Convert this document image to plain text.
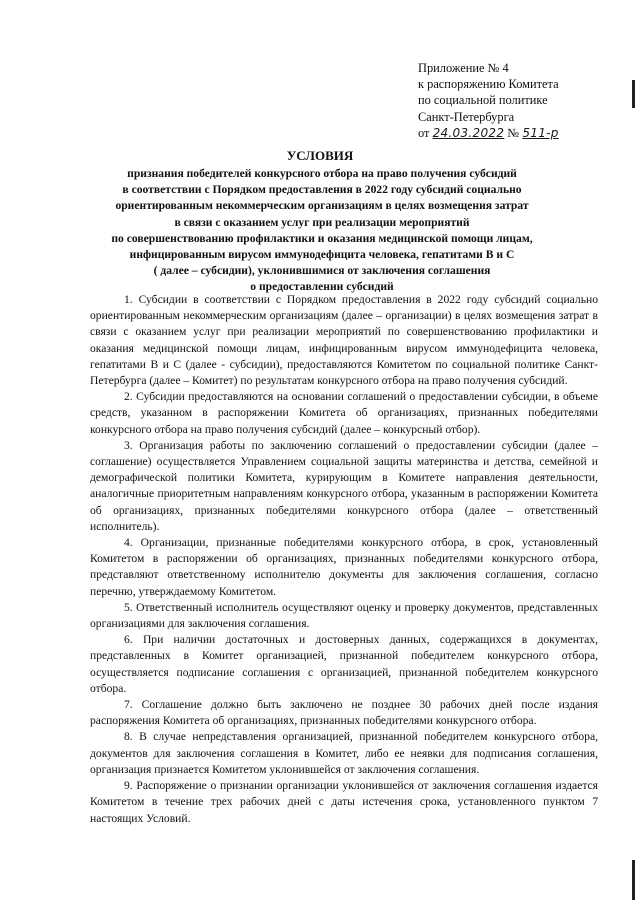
Приложение № 4
к распоряжению Комитета
по социальной политике
Санкт-Петербурга
от 24.03.2022 № 511-р
УСЛОВИЯ
признания победителей конкурсного отбора на право получения субсидий
в соответствии с Порядком предоставления в 2022 году субсидий социально
ориентированным некоммерческим организациям в целях возмещения затрат
в связи с оказанием услуг при реализации мероприятий
по совершенствованию профилактики и оказания медицинской помощи лицам,
инфицированным вирусом иммунодефицита человека, гепатитами В и С
( далее – субсидии), уклонившимися от заключения соглашения
о предоставлении субсидий

1. Субсидии в соответствии с Порядком предоставления в 2022 году субсидий социально ориентированным некоммерческим организациям (далее – организации) в целях возмещения затрат в связи с оказанием услуг при реализации мероприятий по совершенствованию профилактики и оказания медицинской помощи лицам, инфицированным вирусом иммунодефицита человека, гепатитами В и С (далее - субсидии), предоставляются Комитетом по социальной политике Санкт-Петербурга (далее – Комитет) по результатам конкурсного отбора на право получения субсидий.

2. Субсидии предоставляются на основании соглашений о предоставлении субсидии, в объеме средств, указанном в распоряжении Комитета об организациях, признанных победителями конкурсного отбора на право получения субсидий (далее – конкурсный отбор).

3. Организация работы по заключению соглашений о предоставлении субсидии (далее – соглашение) осуществляется Управлением социальной защиты материнства и детства, семейной и демографической политики Комитета, курирующим в Комитете направления деятельности, аналогичные приоритетным направлениям конкурсного отбора, указанным в распоряжении Комитета об организациях, признанных победителями конкурсного отбора (далее – ответственный исполнитель).

4. Организации, признанные победителями конкурсного отбора, в срок, установленный Комитетом в распоряжении об организациях, признанных победителями конкурсного отбора, представляют ответственному исполнителю документы для заключения соглашения, согласно перечню, утверждаемому Комитетом.

5. Ответственный исполнитель осуществляют оценку и проверку документов, представленных организациями для заключения соглашения.

6. При наличии достаточных и достоверных данных, содержащихся в документах, представленных в Комитет организацией, признанной победителем конкурсного отбора, осуществляется подписание соглашения с организацией, признанной победителем конкурсного отбора.

7. Соглашение должно быть заключено не позднее 30 рабочих дней после издания распоряжения Комитета об организациях, признанных победителями конкурсного отбора.

8. В случае непредставления организацией, признанной победителем конкурсного отбора, документов для заключения соглашения в Комитет, либо ее неявки для подписания соглашения, организация признается Комитетом уклонившейся от заключения соглашения.

9. Распоряжение о признании организации уклонившейся от заключения соглашения издается Комитетом в течение трех рабочих дней с даты истечения срока, установленного пунктом 7 настоящих Условий.
